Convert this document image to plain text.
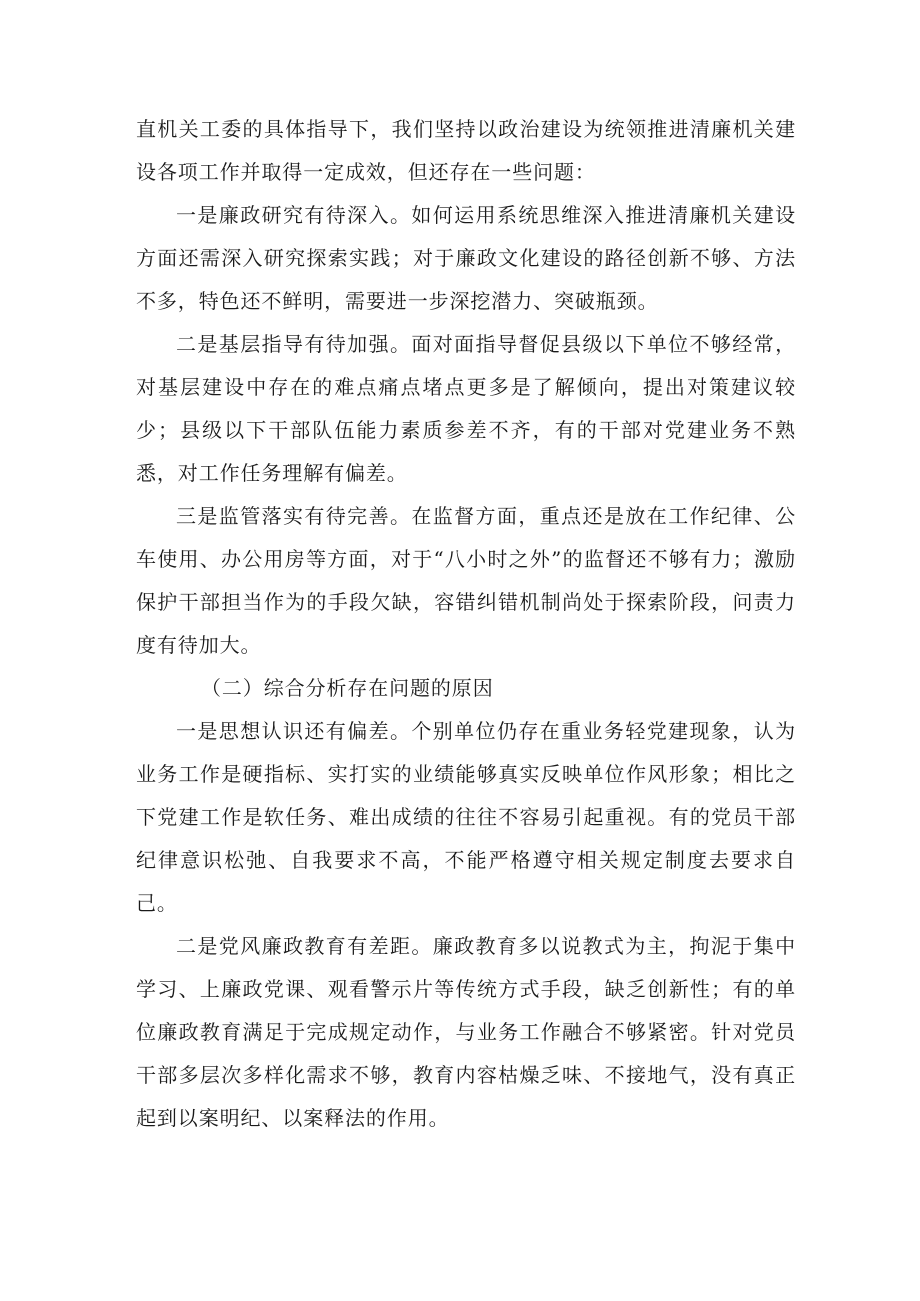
直机关工委的具体指导下，我们坚持以政治建设为统领推进清廉机关建设各项工作并取得一定成效，但还存在一些问题：

一是廉政研究有待深入。如何运用系统思维深入推进清廉机关建设方面还需深入研究探索实践；对于廉政文化建设的路径创新不够、方法不多，特色还不鲜明，需要进一步深挖潜力、突破瓶颈。

二是基层指导有待加强。面对面指导督促县级以下单位不够经常，对基层建设中存在的难点痛点堵点更多是了解倾向，提出对策建议较少；县级以下干部队伍能力素质参差不齐，有的干部对党建业务不熟悉，对工作任务理解有偏差。

三是监管落实有待完善。在监督方面，重点还是放在工作纪律、公车使用、办公用房等方面，对于“八小时之外”的监督还不够有力；激励保护干部担当作为的手段欠缺，容错纠错机制尚处于探索阶段，问责力度有待加大。

（二）综合分析存在问题的原因

一是思想认识还有偏差。个别单位仍存在重业务轻党建现象，认为业务工作是硬指标、实打实的业绩能够真实反映单位作风形象；相比之下党建工作是软任务、难出成绩的往往不容易引起重视。有的党员干部纪律意识松弛、自我要求不高，不能严格遵守相关规定制度去要求自己。

二是党风廉政教育有差距。廉政教育多以说教式为主，拘泥于集中学习、上廉政党课、观看警示片等传统方式手段，缺乏创新性；有的单位廉政教育满足于完成规定动作，与业务工作融合不够紧密。针对党员干部多层次多样化需求不够，教育内容枯燥乏味、不接地气，没有真正起到以案明纪、以案释法的作用。
